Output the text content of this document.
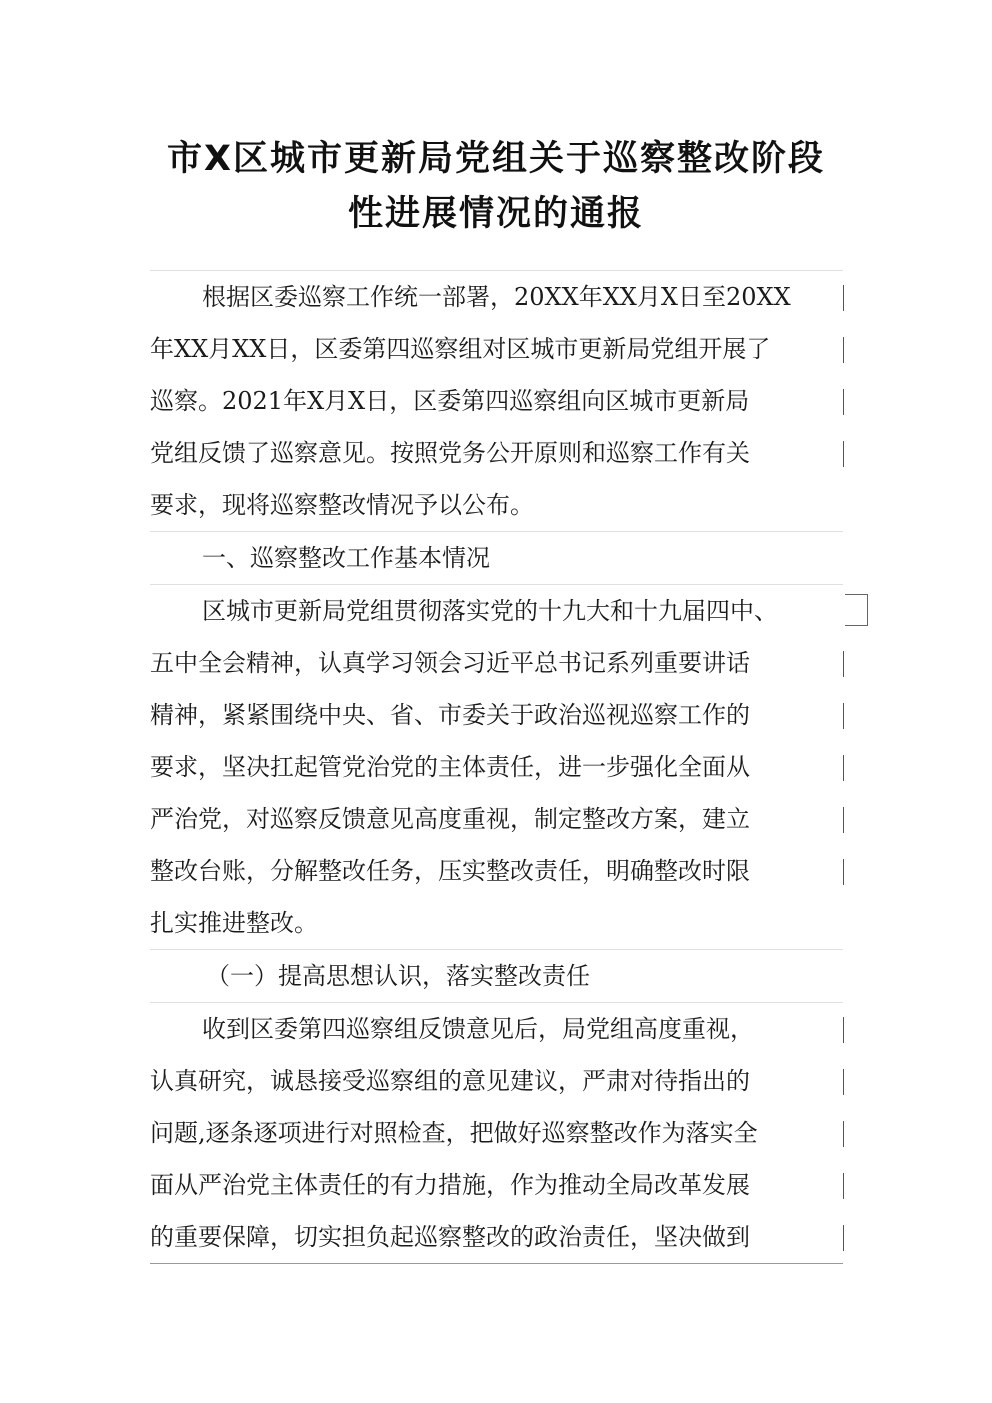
市X区城市更新局党组关于巡察整改阶段
性进展情况的通报
根据区委巡察工作统一部署，20XX年XX月X日至20XX
年XX月XX日，区委第四巡察组对区城市更新局党组开展了
巡察。2021年X月X日，区委第四巡察组向区城市更新局
党组反馈了巡察意见。按照党务公开原则和巡察工作有关
要求，现将巡察整改情况予以公布。
一、巡察整改工作基本情况
区城市更新局党组贯彻落实党的十九大和十九届四中、
五中全会精神，认真学习领会习近平总书记系列重要讲话
精神，紧紧围绕中央、省、市委关于政治巡视巡察工作的
要求，坚决扛起管党治党的主体责任，进一步强化全面从
严治党，对巡察反馈意见高度重视，制定整改方案，建立
整改台账，分解整改任务，压实整改责任，明确整改时限
扎实推进整改。
（一）提高思想认识，落实整改责任
收到区委第四巡察组反馈意见后，局党组高度重视，
认真研究，诚恳接受巡察组的意见建议，严肃对待指出的
问题,逐条逐项进行对照检查，把做好巡察整改作为落实全
面从严治党主体责任的有力措施，作为推动全局改革发展
的重要保障，切实担负起巡察整改的政治责任，坚决做到
